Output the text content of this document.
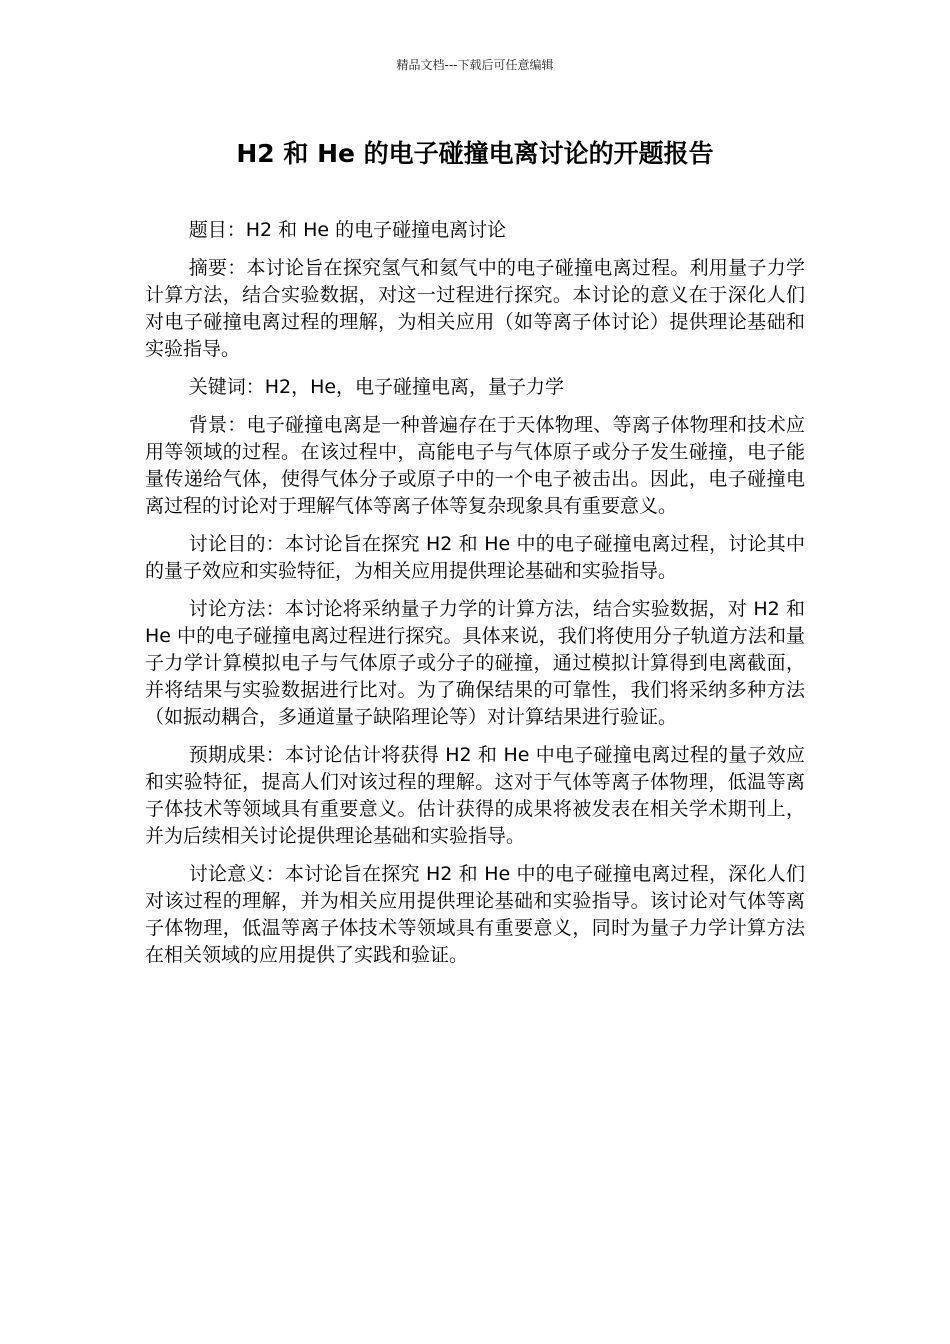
精品文档---下载后可任意编辑
H2 和 He 的电子碰撞电离讨论的开题报告

题目：H2 和 He 的电子碰撞电离讨论

摘要：本讨论旨在探究氢气和氦气中的电子碰撞电离过程。利用量子力学计算方法，结合实验数据，对这一过程进行探究。本讨论的意义在于深化人们对电子碰撞电离过程的理解，为相关应用（如等离子体讨论）提供理论基础和实验指导。

关键词：H2，He，电子碰撞电离，量子力学

背景：电子碰撞电离是一种普遍存在于天体物理、等离子体物理和技术应用等领域的过程。在该过程中，高能电子与气体原子或分子发生碰撞，电子能量传递给气体，使得气体分子或原子中的一个电子被击出。因此，电子碰撞电离过程的讨论对于理解气体等离子体等复杂现象具有重要意义。

讨论目的：本讨论旨在探究 H2 和 He 中的电子碰撞电离过程，讨论其中的量子效应和实验特征，为相关应用提供理论基础和实验指导。

讨论方法：本讨论将采纳量子力学的计算方法，结合实验数据，对 H2 和 He 中的电子碰撞电离过程进行探究。具体来说，我们将使用分子轨道方法和量子力学计算模拟电子与气体原子或分子的碰撞，通过模拟计算得到电离截面，并将结果与实验数据进行比对。为了确保结果的可靠性，我们将采纳多种方法（如振动耦合，多通道量子缺陷理论等）对计算结果进行验证。

预期成果：本讨论估计将获得 H2 和 He 中电子碰撞电离过程的量子效应和实验特征，提高人们对该过程的理解。这对于气体等离子体物理，低温等离子体技术等领域具有重要意义。估计获得的成果将被发表在相关学术期刊上，并为后续相关讨论提供理论基础和实验指导。

讨论意义：本讨论旨在探究 H2 和 He 中的电子碰撞电离过程，深化人们对该过程的理解，并为相关应用提供理论基础和实验指导。该讨论对气体等离子体物理，低温等离子体技术等领域具有重要意义，同时为量子力学计算方法在相关领域的应用提供了实践和验证。
